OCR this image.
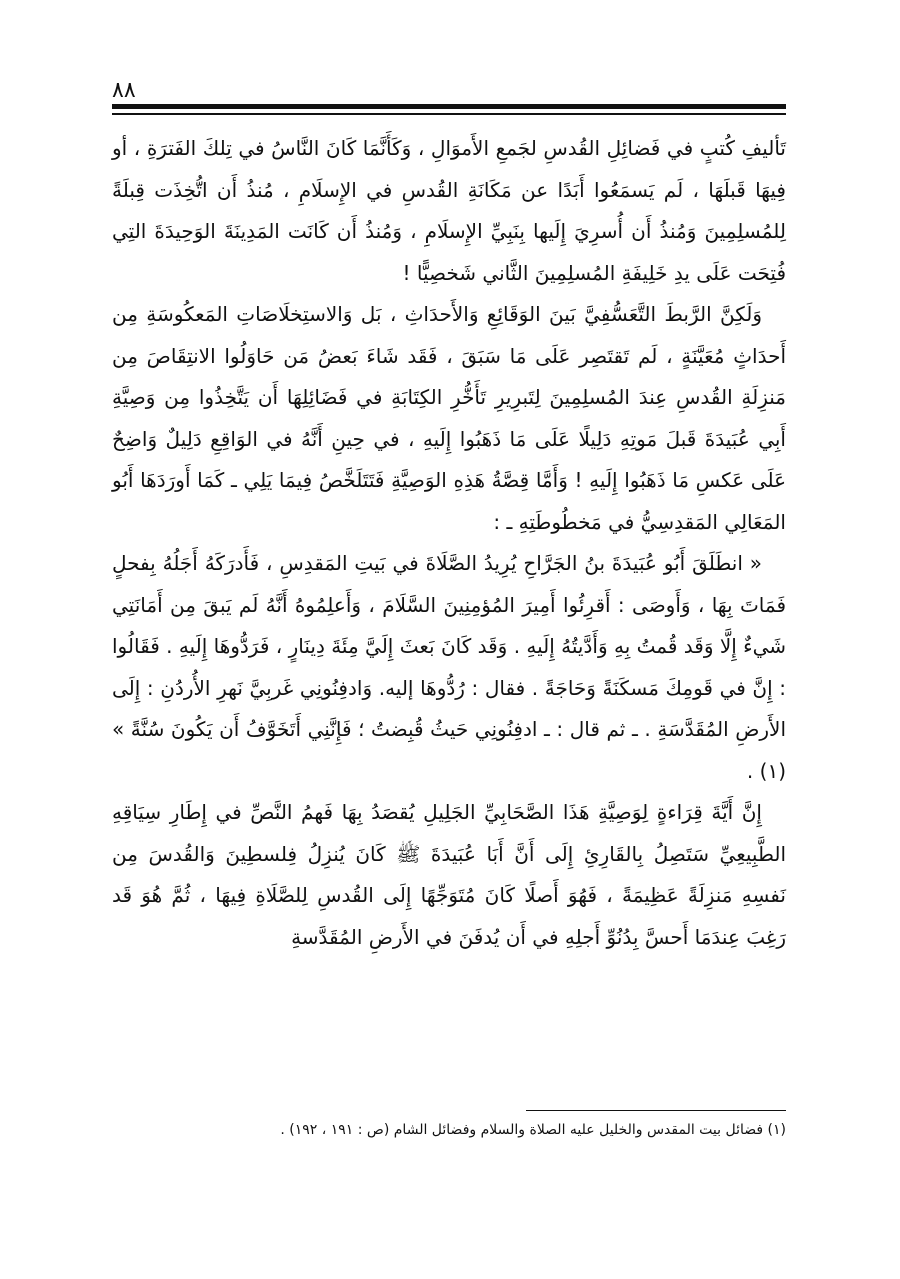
٨٨

تَأليفِ كُتبٍ في فَضائِلِ القُدسِ لجَمعِ الأَموَالِ ، وَكَأَنَّمَا كَانَ النَّاسُ في تِلكَ الفَترَةِ ، أو فِيهَا قَبلَهَا ، لَم يَسمَعُوا أَبَدًا عن مَكَانَةِ القُدسِ في الإِسلَامِ ، مُنذُ أَن اتُّخِذَت قِبلَةً لِلمُسلِمِينَ وَمُنذُ أَن أُسرِيَ إِلَيها بِنَبِيِّ الإِسلَامِ ، وَمُنذُ أَن كَانَت المَدِينَةَ الوَحِيدَةَ التِي فُتِحَت عَلَى يدِ خَلِيفَةِ المُسلِمِينَ الثَّاني شَخصِيًّا !

وَلَكِنَّ الرَّبطَ التَّعَسُّفِيَّ بَينَ الوَقَائِعِ وَالأَحدَاثِ ، بَل وَالاستِخلَاصَاتِ المَعكُوسَةِ مِن أَحدَاثٍ مُعَيَّنَةٍ ، لَم تَقتَصِر عَلَى مَا سَبَقَ ، فَقَد شَاءَ بَعضُ مَن حَاوَلُوا الانتِقَاصَ مِن مَنزِلَةِ القُدسِ عِندَ المُسلِمِينَ لِتَبرِيرِ تَأَخُّرِ الكِتَابَةِ في فَضَائِلِهَا أَن يَتَّخِذُوا مِن وَصِيَّةِ أَبِي عُبَيدَةَ قَبلَ مَوتِهِ دَلِيلًا عَلَى مَا ذَهَبُوا إِلَيهِ ، في حِينِ أَنَّهُ في الوَاقِعِ دَلِيلٌ وَاضِحٌ عَلَى عَكسِ مَا ذَهَبُوا إِلَيهِ ! وَأَمَّا قِصَّةُ هَذِهِ الوَصِيَّةِ فَتَتَلَخَّصُ فِيمَا يَلِي ـ كَمَا أَورَدَهَا أَبُو المَعَالِي المَقدِسِيُّ في مَخطُوطَتِهِ ـ :

« انطَلَقَ أَبُو عُبَيدَةَ بنُ الجَرَّاحِ يُرِيدُ الصَّلَاةَ في بَيتِ المَقدِسِ ، فَأَدرَكَهُ أَجَلُهُ بِفحلٍ فَمَاتَ بِهَا ، وَأَوصَى : أَقرِئُوا أَمِيرَ المُؤمِنِينَ السَّلَامَ ، وَأَعلِمُوهُ أَنَّهُ لَم يَبقَ مِن أَمَانَتِي شَيءٌ إِلَّا وَقَد قُمتُ بِهِ وَأَدَّيتُهُ إِلَيهِ . وَقَد كَانَ بَعثَ إِلَيَّ مِئَةَ دِينَارٍ ، فَرَدُّوهَا إِلَيهِ . فَقَالُوا : إِنَّ في قَومِكَ مَسكَنَةً وَحَاجَةً . فقال : رُدُّوهَا إليه. وَادفِنُونِي غَربِيَّ نَهرِ الأُردُنِ : إِلَى الأَرضِ المُقَدَّسَةِ . ـ ثم قال : ـ ادفِنُونِي حَيثُ قُبِضتُ ؛ فَإِنَّنِي أَتَخَوَّفُ أَن يَكُونَ سُنَّةً » (١) .

إِنَّ أَيَّةَ قِرَاءةٍ لِوَصِيَّةِ هَذَا الصَّحَابِيِّ الجَلِيلِ يُقصَدُ بِهَا فَهمُ النَّصِّ في إِطَارِ سِيَاقِهِ الطَّبِيعِيِّ سَتَصِلُ بِالقَارِئِ إِلَى أَنَّ أَبَا عُبَيدَةَ ﷺ كَانَ يُنزِلُ فِلسطِينَ وَالقُدسَ مِن نَفسِهِ مَنزِلَةً عَظِيمَةً ، فَهُوَ أَصلًا كَانَ مُتَوَجِّهًا إِلَى القُدسِ لِلصَّلَاةِ فِيهَا ، ثُمَّ هُوَ قَد رَغِبَ عِندَمَا أَحسَّ بِدُنُوِّ أَجلِهِ في أَن يُدفَنَ في الأَرضِ المُقَدَّسةِ

(١) فضائل بيت المقدس والخليل عليه الصلاة والسلام وفضائل الشام (ص : ١٩١ ، ١٩٢) .
